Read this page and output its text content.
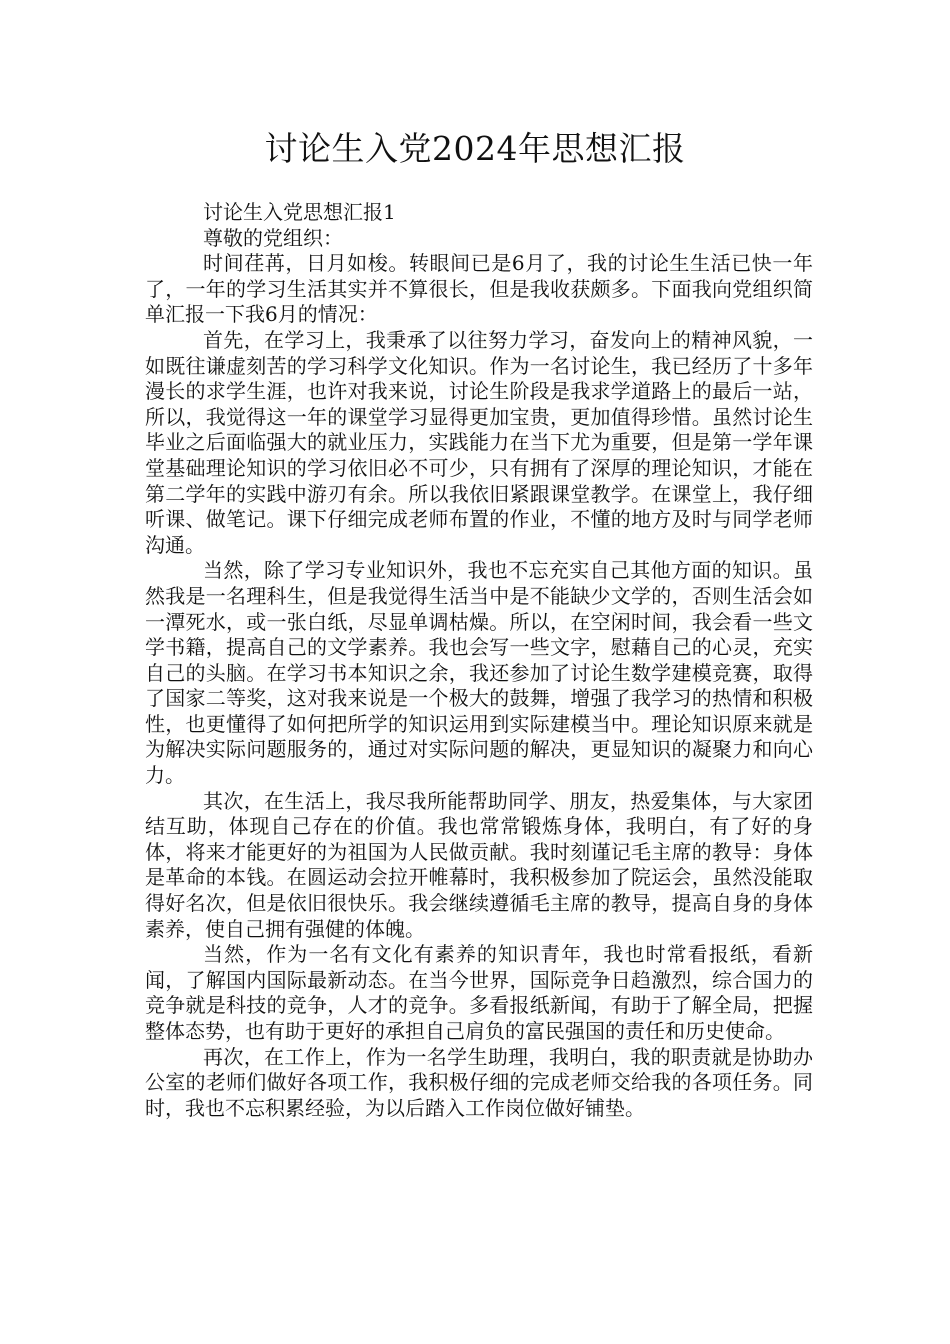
讨论生入党2024年思想汇报

讨论生入党思想汇报1

尊敬的党组织：

时间荏苒，日月如梭。转眼间已是6月了，我的讨论生生活已快一年了，一年的学习生活其实并不算很长，但是我收获颇多。下面我向党组织简单汇报一下我6月的情况：

首先，在学习上，我秉承了以往努力学习，奋发向上的精神风貌，一如既往谦虚刻苦的学习科学文化知识。作为一名讨论生，我已经历了十多年漫长的求学生涯，也许对我来说，讨论生阶段是我求学道路上的最后一站，所以，我觉得这一年的课堂学习显得更加宝贵，更加值得珍惜。虽然讨论生毕业之后面临强大的就业压力，实践能力在当下尤为重要，但是第一学年课堂基础理论知识的学习依旧必不可少，只有拥有了深厚的理论知识，才能在第二学年的实践中游刃有余。所以我依旧紧跟课堂教学。在课堂上，我仔细听课、做笔记。课下仔细完成老师布置的作业，不懂的地方及时与同学老师沟通。

当然，除了学习专业知识外，我也不忘充实自己其他方面的知识。虽然我是一名理科生，但是我觉得生活当中是不能缺少文学的，否则生活会如一潭死水，或一张白纸，尽显单调枯燥。所以，在空闲时间，我会看一些文学书籍，提高自己的文学素养。我也会写一些文字，慰藉自己的心灵，充实自己的头脑。在学习书本知识之余，我还参加了讨论生数学建模竞赛，取得了国家二等奖，这对我来说是一个极大的鼓舞，增强了我学习的热情和积极性，也更懂得了如何把所学的知识运用到实际建模当中。理论知识原来就是为解决实际问题服务的，通过对实际问题的解决，更显知识的凝聚力和向心力。

其次，在生活上，我尽我所能帮助同学、朋友，热爱集体，与大家团结互助，体现自己存在的价值。我也常常锻炼身体，我明白，有了好的身体，将来才能更好的为祖国为人民做贡献。我时刻谨记毛主席的教导：身体是革命的本钱。在圆运动会拉开帷幕时，我积极参加了院运会，虽然没能取得好名次，但是依旧很快乐。我会继续遵循毛主席的教导，提高自身的身体素养，使自己拥有强健的体魄。

当然，作为一名有文化有素养的知识青年，我也时常看报纸，看新闻，了解国内国际最新动态。在当今世界，国际竞争日趋激烈，综合国力的竞争就是科技的竞争，人才的竞争。多看报纸新闻，有助于了解全局，把握整体态势，也有助于更好的承担自己肩负的富民强国的责任和历史使命。

再次，在工作上，作为一名学生助理，我明白，我的职责就是协助办公室的老师们做好各项工作，我积极仔细的完成老师交给我的各项任务。同时，我也不忘积累经验，为以后踏入工作岗位做好铺垫。
